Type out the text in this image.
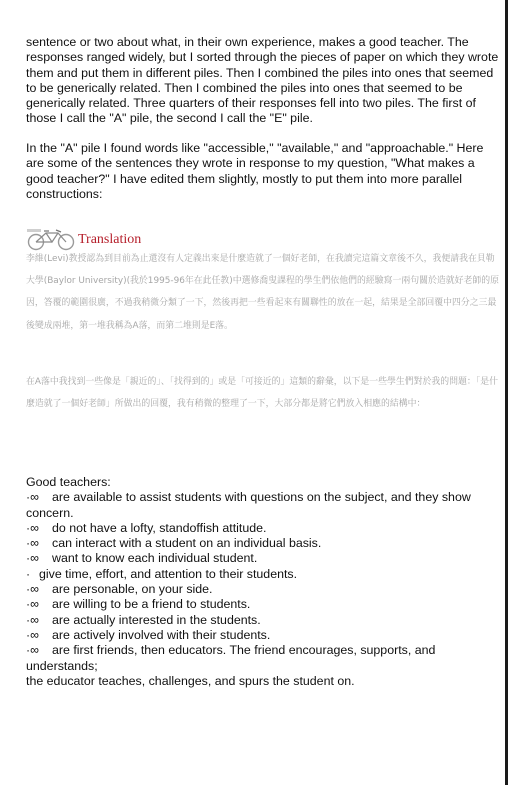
sentence or two about what, in their own experience, makes a good teacher. The responses ranged widely, but I sorted through the pieces of paper on which they wrote them and put them in different piles. Then I combined the piles into ones that seemed to be generically related. Then I combined the piles into ones that seemed to be generically related. Three quarters of their responses fell into two piles. The first of those I call the "A" pile, the second I call the "E" pile.

In the "A" pile I found words like "accessible," "available," and "approachable." Here are some of the sentences they wrote in response to my question, "What makes a good teacher?" I have edited them slightly, mostly to put them into more parallel constructions:

Translation

李維(Levi)教授認為到目前為止還沒有人定義出來是什麼造就了一個好老師，在我讀完這篇文章後不久，我便請我在貝勒大學(Baylor University)(我於1995-96年在此任教)中選修喬叟課程的學生們依他們的經驗寫一兩句關於造就好老師的原因，答覆的範圍很廣，不過我稍微分類了一下，然後再把一些看起來有關聯性的放在一起，結果是全部回覆中四分之三最後變成兩堆，第一堆我稱為A落，而第二堆則是E落。

在A落中我找到一些像是「親近的」、「找得到的」或是「可接近的」這類的辭彙，以下是一些學生們對於我的問題：「是什麼造就了一個好老師」所做出的回覆，我有稍微的整理了一下，大部分都是將它們放入相應的結構中：

Good teachers:

·∞ are available to assist students with questions on the subject, and they show concern.

·∞ do not have a lofty, standoffish attitude.

·∞ can interact with a student on an individual basis.

·∞ want to know each individual student.

· give time, effort, and attention to their students.

·∞ are personable, on your side.

·∞ are willing to be a friend to students.

·∞ are actually interested in the students.

·∞ are actively involved with their students.

·∞ are first friends, then educators. The friend encourages, supports, and understands;

the educator teaches, challenges, and spurs the student on.
